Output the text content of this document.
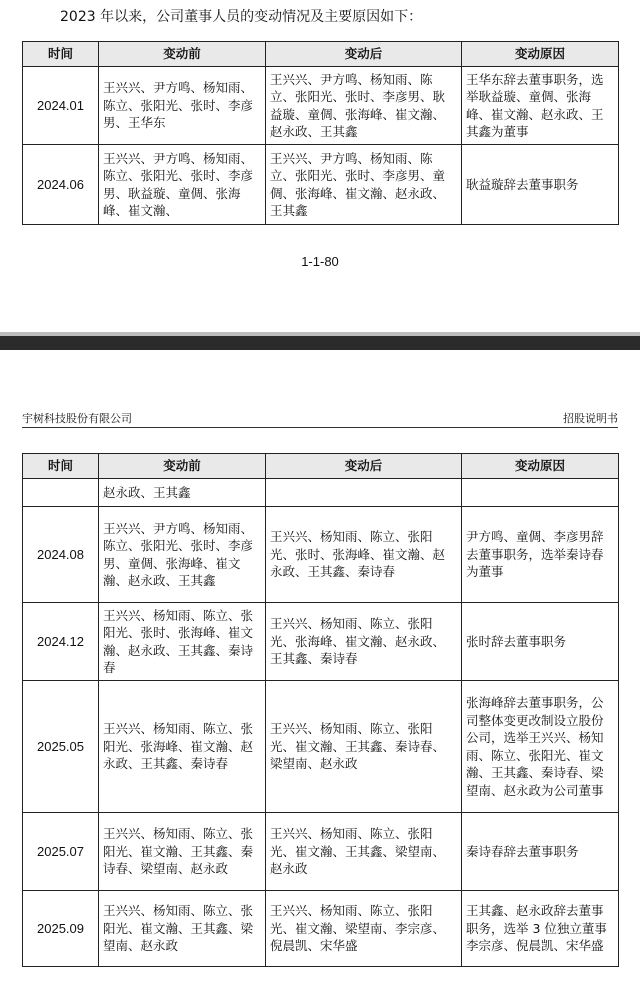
2023 年以来，公司董事人员的变动情况及主要原因如下：

时间	变动前	变动后	变动原因
2024.01	王兴兴、尹方鸣、杨知雨、陈立、张阳光、张时、李彦男、王华东	王兴兴、尹方鸣、杨知雨、陈立、张阳光、张时、李彦男、耿益璇、童倜、张海峰、崔文瀚、赵永政、王其鑫	王华东辞去董事职务，选举耿益璇、童倜、张海峰、崔文瀚、赵永政、王其鑫为董事
2024.06	王兴兴、尹方鸣、杨知雨、陈立、张阳光、张时、李彦男、耿益璇、童倜、张海峰、崔文瀚、	王兴兴、尹方鸣、杨知雨、陈立、张阳光、张时、李彦男、童倜、张海峰、崔文瀚、赵永政、王其鑫	耿益璇辞去董事职务

1-1-80

宇树科技股份有限公司	招股说明书
时间	变动前	变动后	变动原因
	赵永政、王其鑫		
2024.08	王兴兴、尹方鸣、杨知雨、陈立、张阳光、张时、李彦男、童倜、张海峰、崔文瀚、赵永政、王其鑫	王兴兴、杨知雨、陈立、张阳光、张时、张海峰、崔文瀚、赵永政、王其鑫、秦诗春	尹方鸣、童倜、李彦男辞去董事职务，选举秦诗春为董事
2024.12	王兴兴、杨知雨、陈立、张阳光、张时、张海峰、崔文瀚、赵永政、王其鑫、秦诗春	王兴兴、杨知雨、陈立、张阳光、张海峰、崔文瀚、赵永政、王其鑫、秦诗春	张时辞去董事职务
2025.05	王兴兴、杨知雨、陈立、张阳光、张海峰、崔文瀚、赵永政、王其鑫、秦诗春	王兴兴、杨知雨、陈立、张阳光、崔文瀚、王其鑫、秦诗春、梁望南、赵永政	张海峰辞去董事职务，公司整体变更改制设立股份公司，选举王兴兴、杨知雨、陈立、张阳光、崔文瀚、王其鑫、秦诗春、梁望南、赵永政为公司董事
2025.07	王兴兴、杨知雨、陈立、张阳光、崔文瀚、王其鑫、秦诗春、梁望南、赵永政	王兴兴、杨知雨、陈立、张阳光、崔文瀚、王其鑫、梁望南、赵永政	秦诗春辞去董事职务
2025.09	王兴兴、杨知雨、陈立、张阳光、崔文瀚、王其鑫、梁望南、赵永政	王兴兴、杨知雨、陈立、张阳光、崔文瀚、梁望南、李宗彦、倪晨凯、宋华盛	王其鑫、赵永政辞去董事职务，选举 3 位独立董事李宗彦、倪晨凯、宋华盛
